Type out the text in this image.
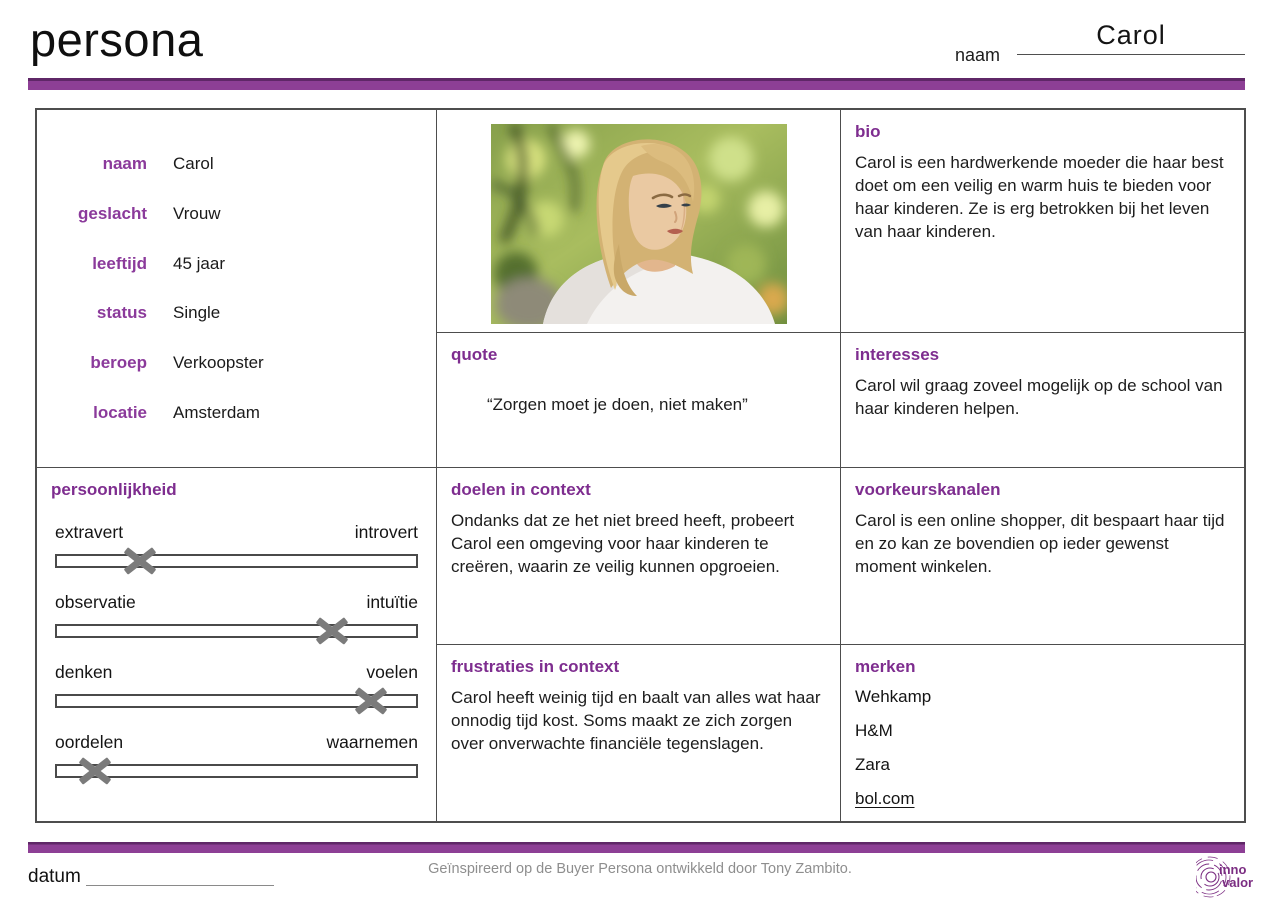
persona	naam
Carol
naam Carol
geslacht Vrouw
leeftijd 45 jaar
status Single
beroep Verkoopster
locatie Amsterdam
bio

Carol is een hardwerkende moeder die haar best doet om een veilig en warm huis te bieden voor haar kinderen. Ze is erg betrokken bij het leven van haar kinderen.

quote

“Zorgen moet je doen, niet maken”

interesses

Carol wil graag zoveel mogelijk op de school van haar kinderen helpen.

persoonlijkheid
extravert	introvert
observatie	intuïtie
denken	voelen
oordelen	waarnemen
doelen in context

Ondanks dat ze het niet breed heeft, probeert Carol een omgeving voor haar kinderen te creëren, waarin ze veilig kunnen opgroeien.

voorkeurskanalen

Carol is een online shopper, dit bespaart haar tijd en zo kan ze bovendien op ieder gewenst moment winkelen.

frustraties in context

Carol heeft weinig tijd en baalt van alles wat haar onnodig tijd kost. Soms maakt ze zich zorgen over onverwachte financiële tegenslagen.

merken
Wehkamp
H&M
Zara
bol.com
datum	Geïnspireerd op de Buyer Persona ontwikkeld door Tony Zambito.	inno
valor
